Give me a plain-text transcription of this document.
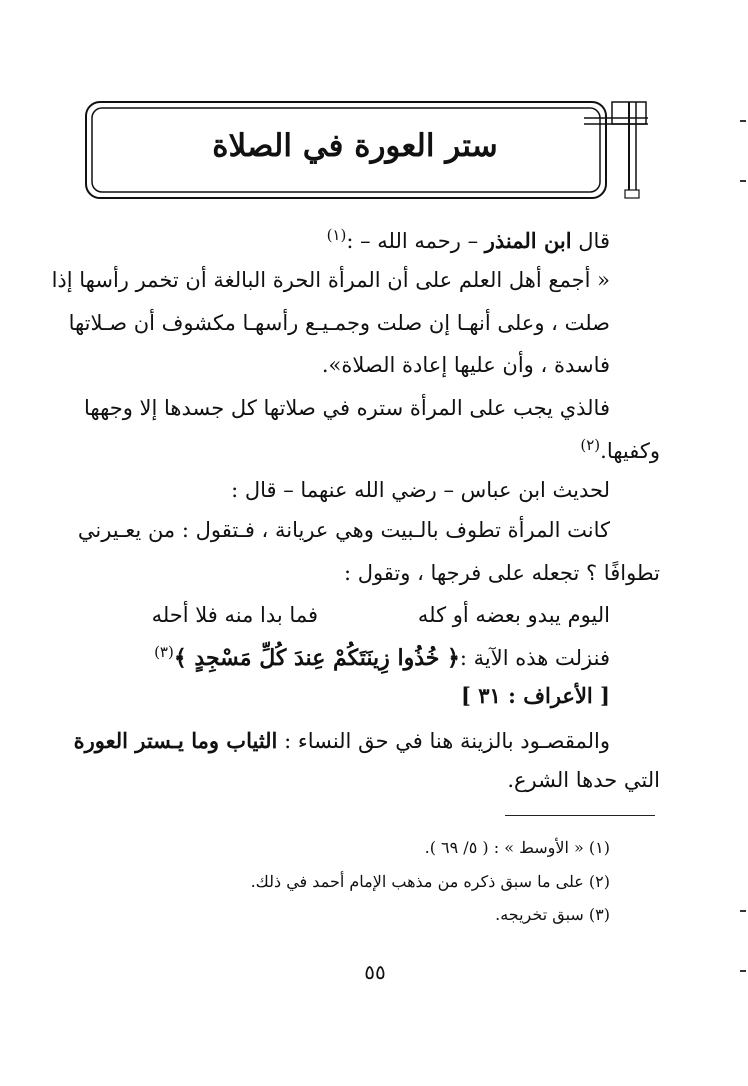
ستر العورة في الصلاة
قال ابن المنذر – رحمه الله – :$^{(١)}$
« أجمع أهل العلم على أن المرأة الحرة البالغة أن تخمر رأسها إذا
صلت ، وعلى أنهـا إن صلت وجمـيـع رأسهـا مكشوف أن صـلاتها
فاسدة ، وأن عليها إعادة الصلاة».
فالذي يجب على المرأة ستره في صلاتها كل جسدها إلا وجهها
وكفيها.$^{(٢)}$
لحديث ابن عباس – رضي الله عنهما – قال :
كانت المرأة تطوف بالـبيت وهي عريانة ، فـتقول : من يعـيرني
تطوافًا ؟ تجعله على فرجها ، وتقول :
اليوم يبدو بعضه أو كله
فما بدا منه فلا أحله
فنزلت هذه الآية :﴿ خُذُوا زِينَتَكُمْ عِندَ كُلِّ مَسْجِدٍ ﴾$^{(٣)}$
[ الأعراف : ٣١ ]
والمقصـود بالزينة هنا في حق النساء : الثياب وما يـستر العورة
التي حدها الشرع.
(١) « الأوسط » : ( ٥/ ٦٩ ).
(٢) على ما سبق ذكره من مذهب الإمام أحمد في ذلك.
(٣) سبق تخريجه.
٥٥
